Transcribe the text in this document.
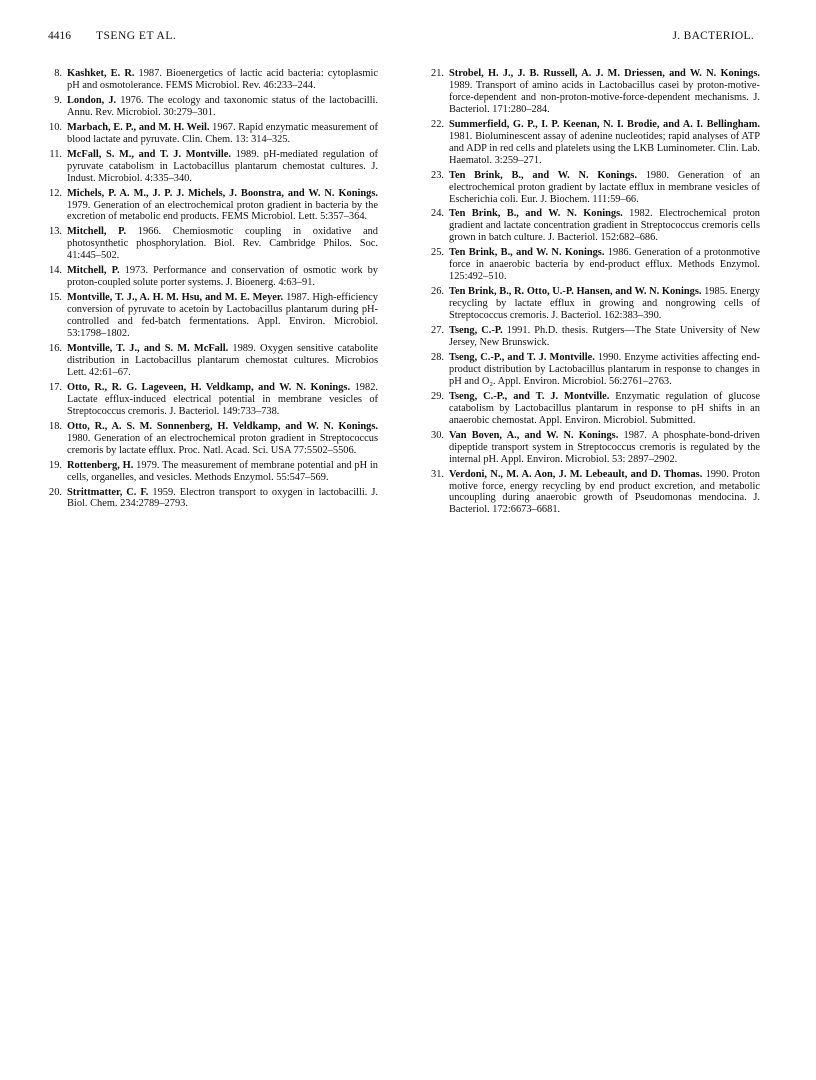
4416 TSENG ET AL.	J. BACTERIOL.
8. Kashket, E. R. 1987. Bioenergetics of lactic acid bacteria: cytoplasmic pH and osmotolerance. FEMS Microbiol. Rev. 46:233–244.
9. London, J. 1976. The ecology and taxonomic status of the lactobacilli. Annu. Rev. Microbiol. 30:279–301.
10. Marbach, E. P., and M. H. Weil. 1967. Rapid enzymatic measurement of blood lactate and pyruvate. Clin. Chem. 13: 314–325.
11. McFall, S. M., and T. J. Montville. 1989. pH-mediated regulation of pyruvate catabolism in Lactobacillus plantarum chemostat cultures. J. Indust. Microbiol. 4:335–340.
12. Michels, P. A. M., J. P. J. Michels, J. Boonstra, and W. N. Konings. 1979. Generation of an electrochemical proton gradient in bacteria by the excretion of metabolic end products. FEMS Microbiol. Lett. 5:357–364.
13. Mitchell, P. 1966. Chemiosmotic coupling in oxidative and photosynthetic phosphorylation. Biol. Rev. Cambridge Philos. Soc. 41:445–502.
14. Mitchell, P. 1973. Performance and conservation of osmotic work by proton-coupled solute porter systems. J. Bioenerg. 4:63–91.
15. Montville, T. J., A. H. M. Hsu, and M. E. Meyer. 1987. High-efficiency conversion of pyruvate to acetoin by Lactobacillus plantarum during pH-controlled and fed-batch fermentations. Appl. Environ. Microbiol. 53:1798–1802.
16. Montville, T. J., and S. M. McFall. 1989. Oxygen sensitive catabolite distribution in Lactobacillus plantarum chemostat cultures. Microbios Lett. 42:61–67.
17. Otto, R., R. G. Lageveen, H. Veldkamp, and W. N. Konings. 1982. Lactate efflux-induced electrical potential in membrane vesicles of Streptococcus cremoris. J. Bacteriol. 149:733–738.
18. Otto, R., A. S. M. Sonnenberg, H. Veldkamp, and W. N. Konings. 1980. Generation of an electrochemical proton gradient in Streptococcus cremoris by lactate efflux. Proc. Natl. Acad. Sci. USA 77:5502–5506.
19. Rottenberg, H. 1979. The measurement of membrane potential and pH in cells, organelles, and vesicles. Methods Enzymol. 55:547–569.
20. Strittmatter, C. F. 1959. Electron transport to oxygen in lactobacilli. J. Biol. Chem. 234:2789–2793.
21. Strobel, H. J., J. B. Russell, A. J. M. Driessen, and W. N. Konings. 1989. Transport of amino acids in Lactobacillus casei by proton-motive-force-dependent and non-proton-motive-force-dependent mechanisms. J. Bacteriol. 171:280–284.
22. Summerfield, G. P., I. P. Keenan, N. I. Brodie, and A. I. Bellingham. 1981. Bioluminescent assay of adenine nucleotides; rapid analyses of ATP and ADP in red cells and platelets using the LKB Luminometer. Clin. Lab. Haematol. 3:259–271.
23. Ten Brink, B., and W. N. Konings. 1980. Generation of an electrochemical proton gradient by lactate efflux in membrane vesicles of Escherichia coli. Eur. J. Biochem. 111:59–66.
24. Ten Brink, B., and W. N. Konings. 1982. Electrochemical proton gradient and lactate concentration gradient in Streptococcus cremoris cells grown in batch culture. J. Bacteriol. 152:682–686.
25. Ten Brink, B., and W. N. Konings. 1986. Generation of a protonmotive force in anaerobic bacteria by end-product efflux. Methods Enzymol. 125:492–510.
26. Ten Brink, B., R. Otto, U.-P. Hansen, and W. N. Konings. 1985. Energy recycling by lactate efflux in growing and nongrowing cells of Streptococcus cremoris. J. Bacteriol. 162:383–390.
27. Tseng, C.-P. 1991. Ph.D. thesis. Rutgers—The State University of New Jersey, New Brunswick.
28. Tseng, C.-P., and T. J. Montville. 1990. Enzyme activities affecting end-product distribution by Lactobacillus plantarum in response to changes in pH and O₂. Appl. Environ. Microbiol. 56:2761–2763.
29. Tseng, C.-P., and T. J. Montville. Enzymatic regulation of glucose catabolism by Lactobacillus plantarum in response to pH shifts in an anaerobic chemostat. Appl. Environ. Microbiol. Submitted.
30. Van Boven, A., and W. N. Konings. 1987. A phosphate-bond-driven dipeptide transport system in Streptococcus cremoris is regulated by the internal pH. Appl. Environ. Microbiol. 53: 2897–2902.
31. Verdoni, N., M. A. Aon, J. M. Lebeault, and D. Thomas. 1990. Proton motive force, energy recycling by end product excretion, and metabolic uncoupling during anaerobic growth of Pseudomonas mendocina. J. Bacteriol. 172:6673–6681.
